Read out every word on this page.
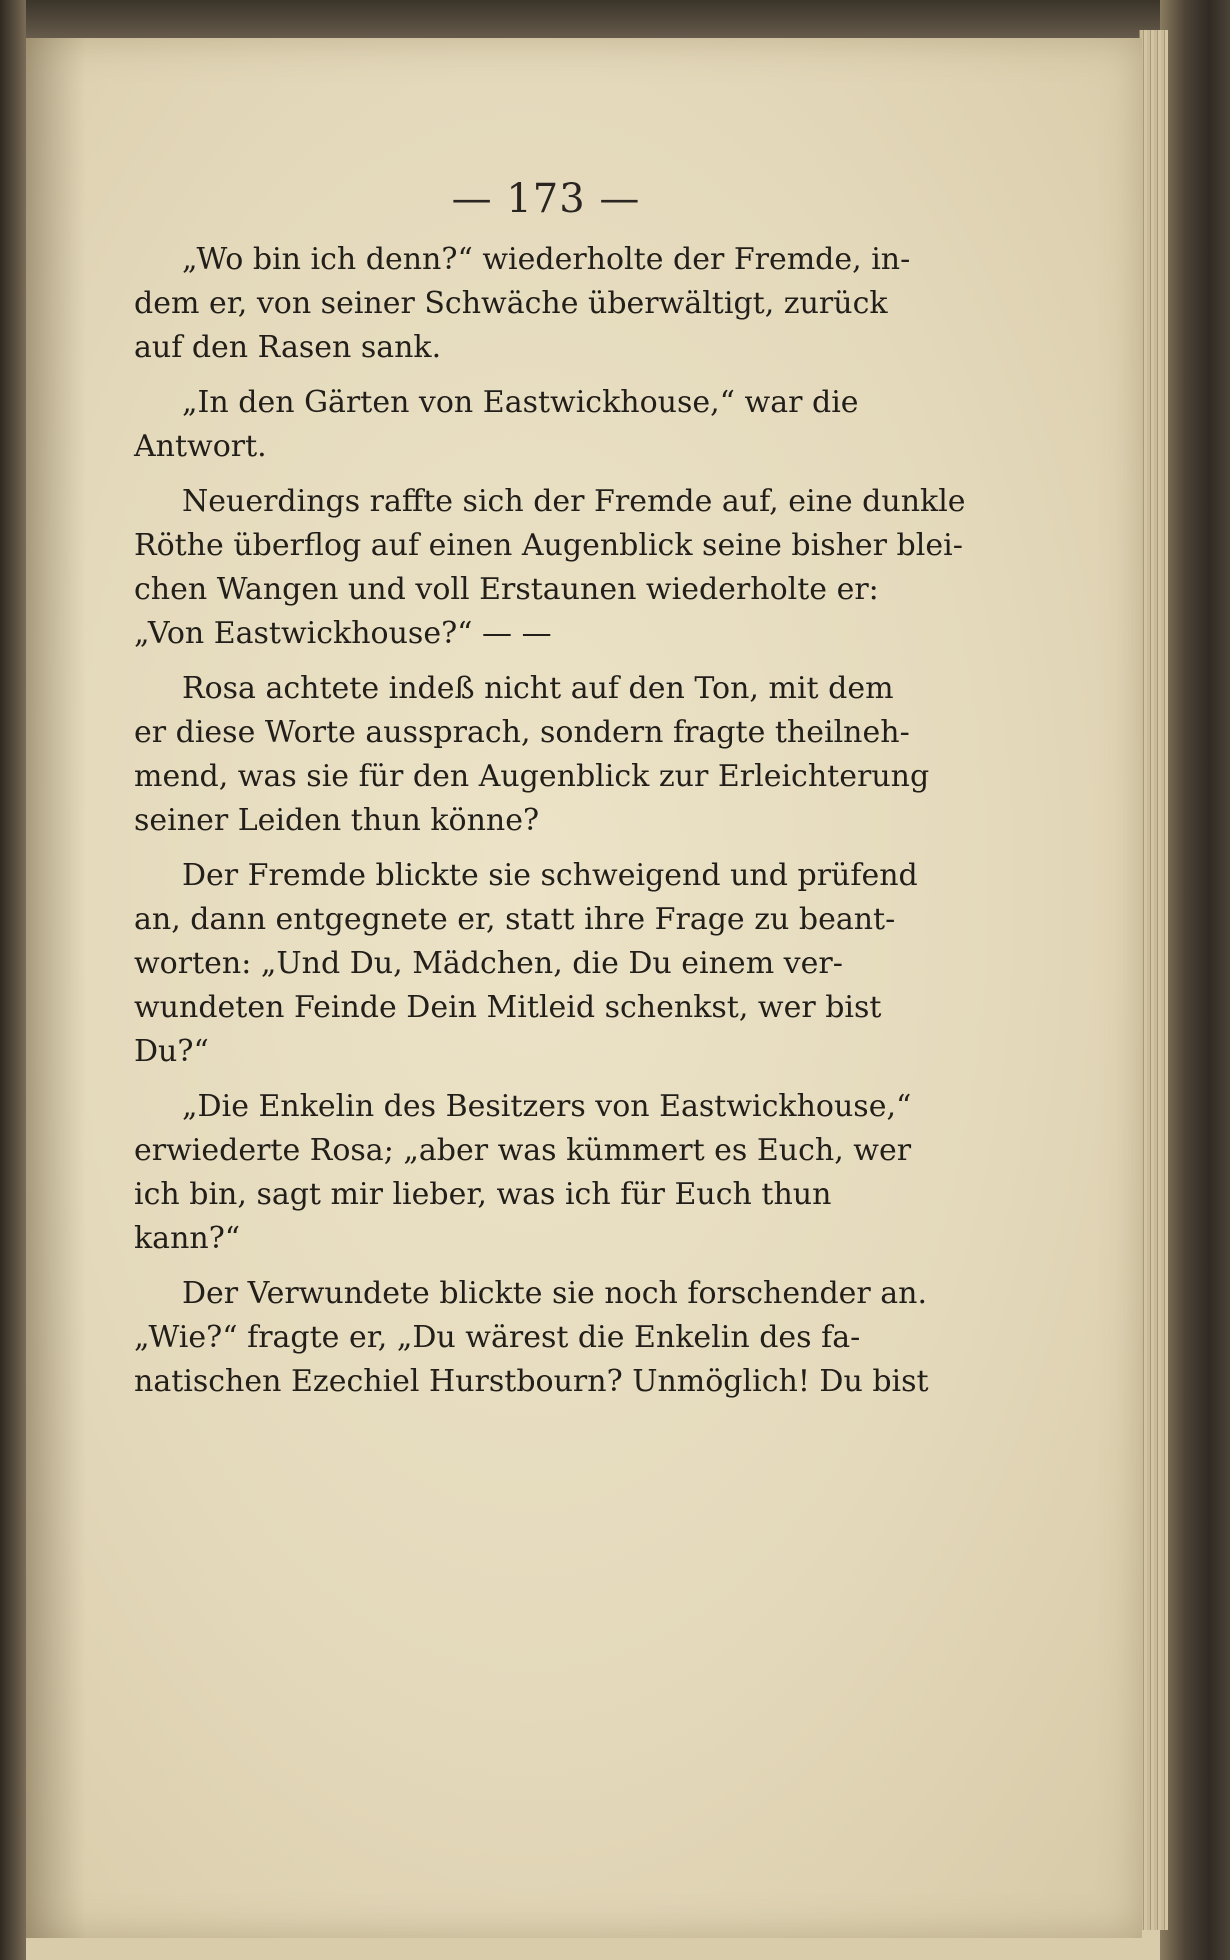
— 173 —
„Wo bin ich denn?“ wiederholte der Fremde, in-
dem er, von seiner Schwäche überwältigt, zurück
auf den Rasen sank.
„In den Gärten von Eastwickhouse,“ war die
Antwort.
Neuerdings raffte sich der Fremde auf, eine dunkle
Röthe überflog auf einen Augenblick seine bisher blei-
chen Wangen und voll Erstaunen wiederholte er:
„Von Eastwickhouse?“ — —
Rosa achtete indeß nicht auf den Ton, mit dem
er diese Worte aussprach, sondern fragte theilneh-
mend, was sie für den Augenblick zur Erleichterung
seiner Leiden thun könne?
Der Fremde blickte sie schweigend und prüfend
an, dann entgegnete er, statt ihre Frage zu beant-
worten: „Und Du, Mädchen, die Du einem ver-
wundeten Feinde Dein Mitleid schenkst, wer bist
Du?“
„Die Enkelin des Besitzers von Eastwickhouse,“
erwiederte Rosa; „aber was kümmert es Euch, wer
ich bin, sagt mir lieber, was ich für Euch thun
kann?“
Der Verwundete blickte sie noch forschender an.
„Wie?“ fragte er, „Du wärest die Enkelin des fa-
natischen Ezechiel Hurstbourn? Unmöglich! Du bist
